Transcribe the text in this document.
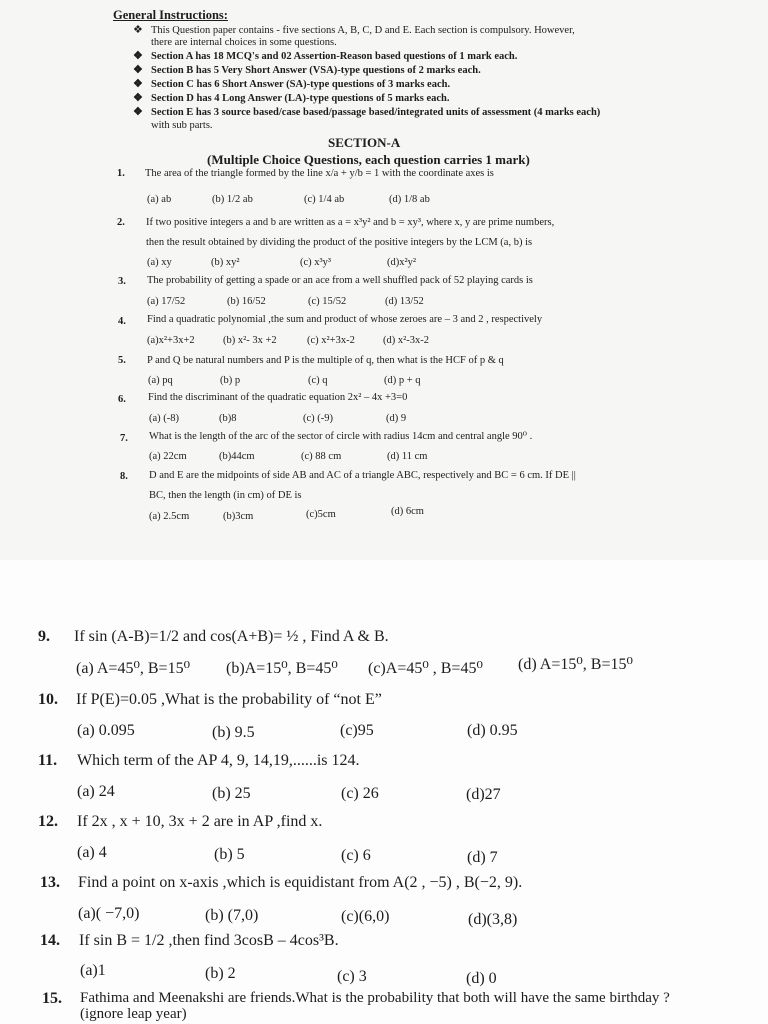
General Instructions:
❖ This Question paper contains - five sections A, B, C, D and E. Each section is compulsory. However,
there are internal choices in some questions.
❖ Section A has 18 MCQ's and 02 Assertion-Reason based questions of 1 mark each.
❖ Section B has 5 Very Short Answer (VSA)-type questions of 2 marks each.
❖ Section C has 6 Short Answer (SA)-type questions of 3 marks each.
❖ Section D has 4 Long Answer (LA)-type questions of 5 marks each.
❖ Section E has 3 source based/case based/passage based/integrated units of assessment (4 marks each)
with sub parts.
SECTION-A
(Multiple Choice Questions, each question carries 1 mark)
1. The area of the triangle formed by the line x/a + y/b = 1 with the coordinate axes is
(a) ab	(b) 1/2 ab	(c) 1/4 ab	(d) 1/8 ab
2. If two positive integers a and b are written as a = x³y² and b = xy³, where x, y are prime numbers,
then the result obtained by dividing the product of the positive integers by the LCM (a, b) is
(a) xy	(b) xy²	(c) x³y³	(d)x²y²
3. The probability of getting a spade or an ace from a well shuffled pack of 52 playing cards is
(a) 17/52	(b) 16/52	(c) 15/52	(d) 13/52
4. Find a quadratic polynomial ,the sum and product of whose zeroes are – 3 and 2 , respectively
(a)x²+3x+2	(b) x²- 3x +2	(c) x²+3x-2	(d) x²-3x-2
5. P and Q be natural numbers and P is the multiple of q, then what is the HCF of p & q
(a) pq	(b) p	(c) q	(d) p + q
6. Find the discriminant of the quadratic equation 2x² – 4x +3=0
(a) (-8)	(b)8	(c) (-9)	(d) 9
7. What is the length of the arc of the sector of circle with radius 14cm and central angle 90⁰ .
(a) 22cm	(b)44cm	(c) 88 cm	(d) 11 cm
8. D and E are the midpoints of side AB and AC of a triangle ABC, respectively and BC = 6 cm. If DE ||
BC, then the length (in cm) of DE is
(a) 2.5cm	(b)3cm	(c)5cm	(d) 6cm
9. If sin (A-B)=1/2 and cos(A+B)= ½ , Find A & B.
(a) A=45⁰, B=15⁰ (b)A=15⁰, B=45⁰ (c)A=45⁰ , B=45⁰ (d) A=15⁰, B=15⁰
10. If P(E)=0.05 ,What is the probability of “not E”
(a) 0.095	(b) 9.5	(c)95	(d) 0.95
11. Which term of the AP 4, 9, 14,19,......is 124.
(a) 24	(b) 25	(c) 26	(d)27
12. If 2x , x + 10, 3x + 2 are in AP ,find x.
(a) 4	(b) 5	(c) 6	(d) 7
13. Find a point on x-axis ,which is equidistant from A(2 , −5) , B(−2, 9).
(a)( −7,0)	(b) (7,0)	(c)(6,0)	(d)(3,8)
14. If sin B = 1/2 ,then find 3cosB – 4cos³B.
(a)1	(b) 2	(c) 3	(d) 0
15. Fathima and Meenakshi are friends.What is the probability that both will have the same birthday ?
(ignore leap year)
